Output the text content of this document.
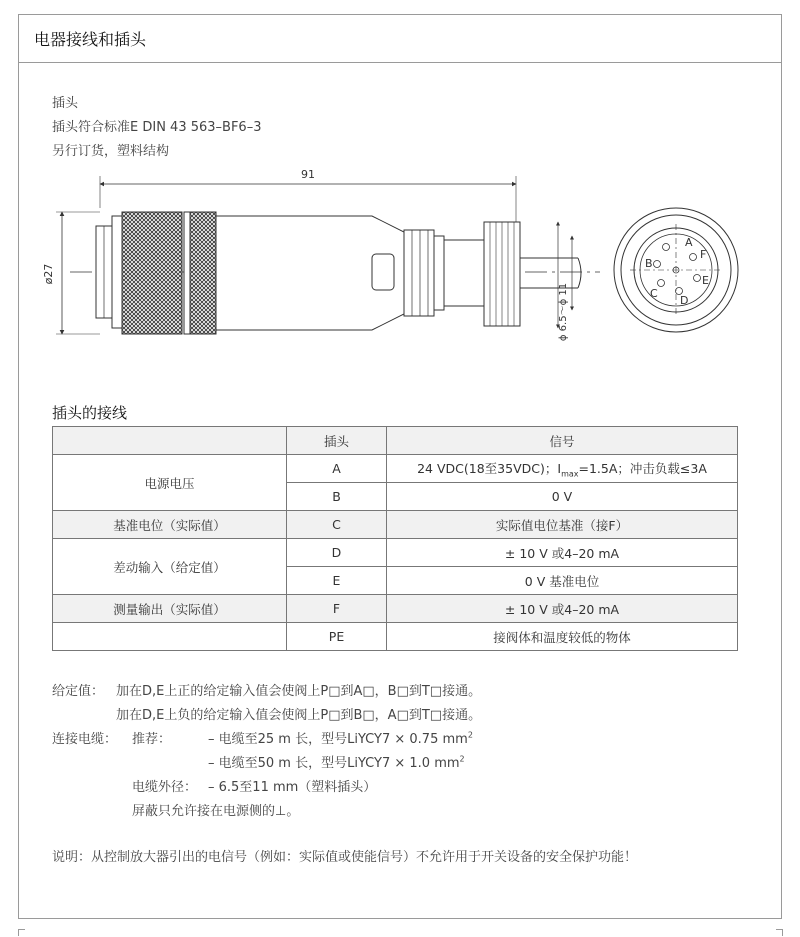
电器接线和插头
插头
插头符合标准E DIN 43 563–BF6–3
另行订货，塑料结构
91
ø27
ϕ 6.5～ϕ 11
A
B
C
D
E
F
插头的接线
	插头	信号
电源电压	A	24 VDC(18至35VDC)；$I_{max}=1.5A$；冲击负载≤3A
	B	0 V
基准电位（实际值）	C	实际值电位基准（接F）
差动输入（给定值）	D	± 10 V 或4–20 mA
	E	0 V 基准电位
测量输出（实际值）	F	± 10 V 或4–20 mA
	PE	接阀体和温度较低的物体
给定值： 加在D,E上正的给定输入值会使阀上P□到A□，B□到T□接通。
加在D,E上负的给定输入值会使阀上P□到B□，A□到T□接通。
连接电缆： 推荐：	– 电缆至25 m 长，型号LiYCY7 × 0.75 $mm^2$
– 电缆至50 m 长，型号LiYCY7 × 1.0 $mm^2$
电缆外径： – 6.5至11 mm（塑料插头）
屏蔽只允许接在电源侧的⊥。
说明：从控制放大器引出的电信号（例如：实际值或使能信号）不允许用于开关设备的安全保护功能！
